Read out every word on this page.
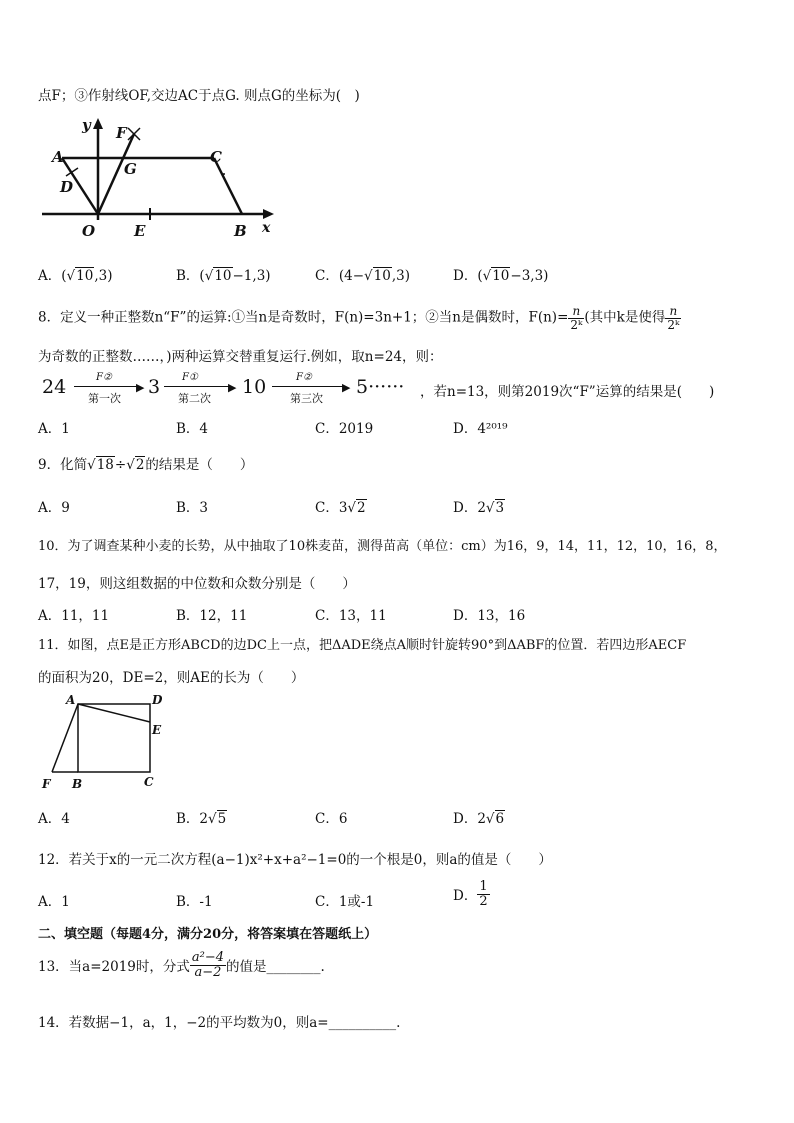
点F；③作射线OF,交边AC于点G. 则点G的坐标为(　)
y F
A	C
G
D
O	E	B x
A．(√10,3)	B．(√10−1,3)	C．(4−√10,3)	D．(√10−3,3)
8．定义一种正整数n“F”的运算:①当n是奇数时，F(n)=3n+1；②当n是偶数时，$F(n)= \frac{n}{\text{2ᵏ}}$ (其中k是使得 $\frac{n}{\text{2ᵏ}}$
为奇数的正整数……，)两种运算交替重复运行.例如，取n=24，则：
24	F②
▶
第一次
3 F①
▶
第二次
10	F②
▶
第三次
5······ ，若n=13，则第2019次“F”运算的结果是(　　)
A．1	B．4	C．2019	D．4²⁰¹⁹
9．化简√18÷√2的结果是（　　）
A．9	B．3	C．3√2	D．2√3
10．为了调查某种小麦的长势，从中抽取了10株麦苗，测得苗高（单位：cm）为16，9，14，11，12，10，16，8，
17，19，则这组数据的中位数和众数分别是（　　）
A．11，11	B．12，11	C．13，11	D．13，16
11．如图，点E是正方形ABCD的边DC上一点，把ΔADE绕点A顺时针旋转90°到ΔABF的位置．若四边形AECF
的面积为20，DE=2，则AE的长为（　　）
A	D
E
F B	C
A．4	B．2√5	C．6	D．2√6
12．若关于x的一元二次方程(a−1)x²+x+a²−1=0的一个根是0，则a的值是（　　）
A．1	B．-1	C．1或-1	D． $\frac{1}{2}$
二、填空题（每题4分，满分20分，将答案填在答题纸上）
13．当a=2019时，分式 $\frac{\text{a²−4}}{a-2}$ 的值是________.
14．若数据−1，a，1，−2的平均数为0，则a=__________.
